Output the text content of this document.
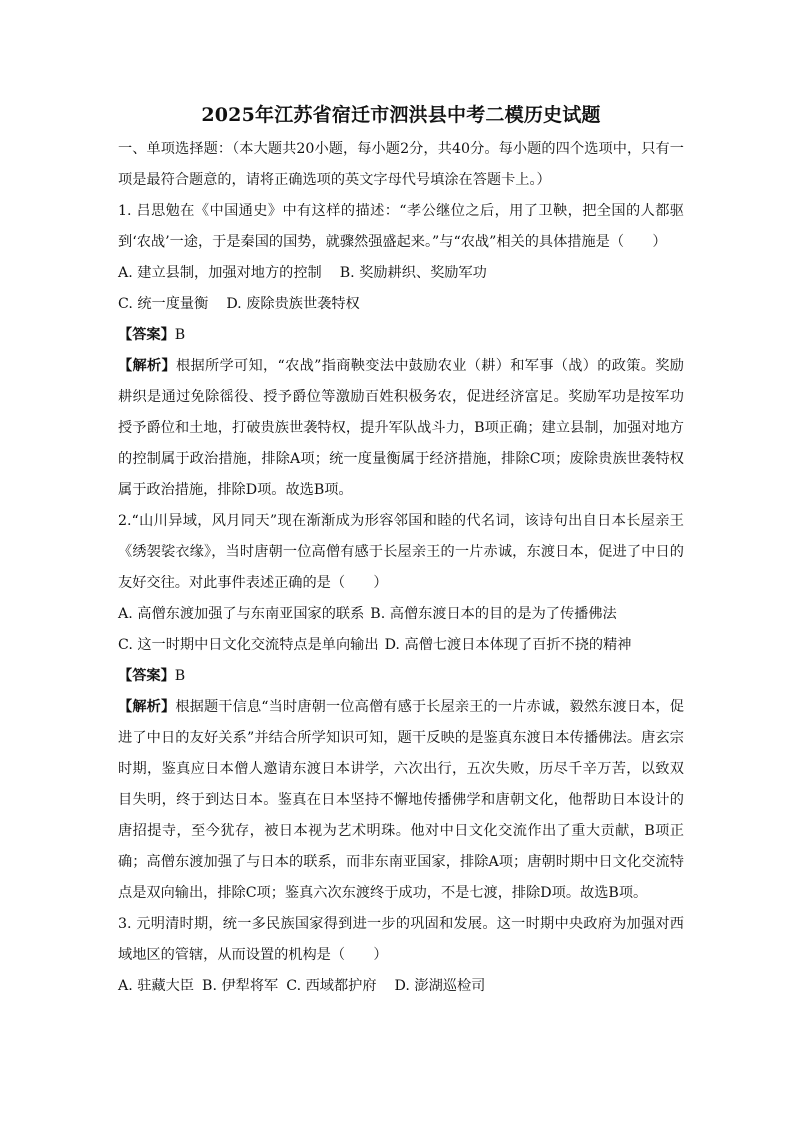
2025年江苏省宿迁市泗洪县中考二模历史试题

一、单项选择题：（本大题共20小题，每小题2分，共40分。每小题的四个选项中，只有一项是最符合题意的，请将正确选项的英文字母代号填涂在答题卡上。）

1. 吕思勉在《中国通史》中有这样的描述：“孝公继位之后，用了卫鞅，把全国的人都驱到‘农战’一途，于是秦国的国势，就骤然强盛起来。”与“农战”相关的具体措施是（　　）

A. 建立县制，加强对地方的控制 B. 奖励耕织、奖励军功

C. 统一度量衡 D. 废除贵族世袭特权

【答案】B

【解析】根据所学可知，“农战”指商鞅变法中鼓励农业（耕）和军事（战）的政策。奖励耕织是通过免除徭役、授予爵位等激励百姓积极务农，促进经济富足。奖励军功是按军功授予爵位和土地，打破贵族世袭特权，提升军队战斗力，B项正确；建立县制，加强对地方的控制属于政治措施，排除A项；统一度量衡属于经济措施，排除C项；废除贵族世袭特权属于政治措施，排除D项。故选B项。

2.“山川异域，风月同天”现在渐渐成为形容邻国和睦的代名词，该诗句出自日本长屋亲王《绣袈裟衣缘》，当时唐朝一位高僧有感于长屋亲王的一片赤诚，东渡日本，促进了中日的友好交往。对此事件表述正确的是（　　）

A. 高僧东渡加强了与东南亚国家的联系 B. 高僧东渡日本的目的是为了传播佛法

C. 这一时期中日文化交流特点是单向输出 D. 高僧七渡日本体现了百折不挠的精神

【答案】B

【解析】根据题干信息“当时唐朝一位高僧有感于长屋亲王的一片赤诚，毅然东渡日本，促进了中日的友好关系”并结合所学知识可知，题干反映的是鉴真东渡日本传播佛法。唐玄宗时期，鉴真应日本僧人邀请东渡日本讲学，六次出行，五次失败，历尽千辛万苦，以致双目失明，终于到达日本。鉴真在日本坚持不懈地传播佛学和唐朝文化，他帮助日本设计的唐招提寺，至今犹存，被日本视为艺术明珠。他对中日文化交流作出了重大贡献，B项正确；高僧东渡加强了与日本的联系，而非东南亚国家，排除A项；唐朝时期中日文化交流特点是双向输出，排除C项；鉴真六次东渡终于成功，不是七渡，排除D项。故选B项。

3. 元明清时期，统一多民族国家得到进一步的巩固和发展。这一时期中央政府为加强对西域地区的管辖，从而设置的机构是（　　）

A. 驻藏大臣 B. 伊犁将军 C. 西域都护府 D. 澎湖巡检司
